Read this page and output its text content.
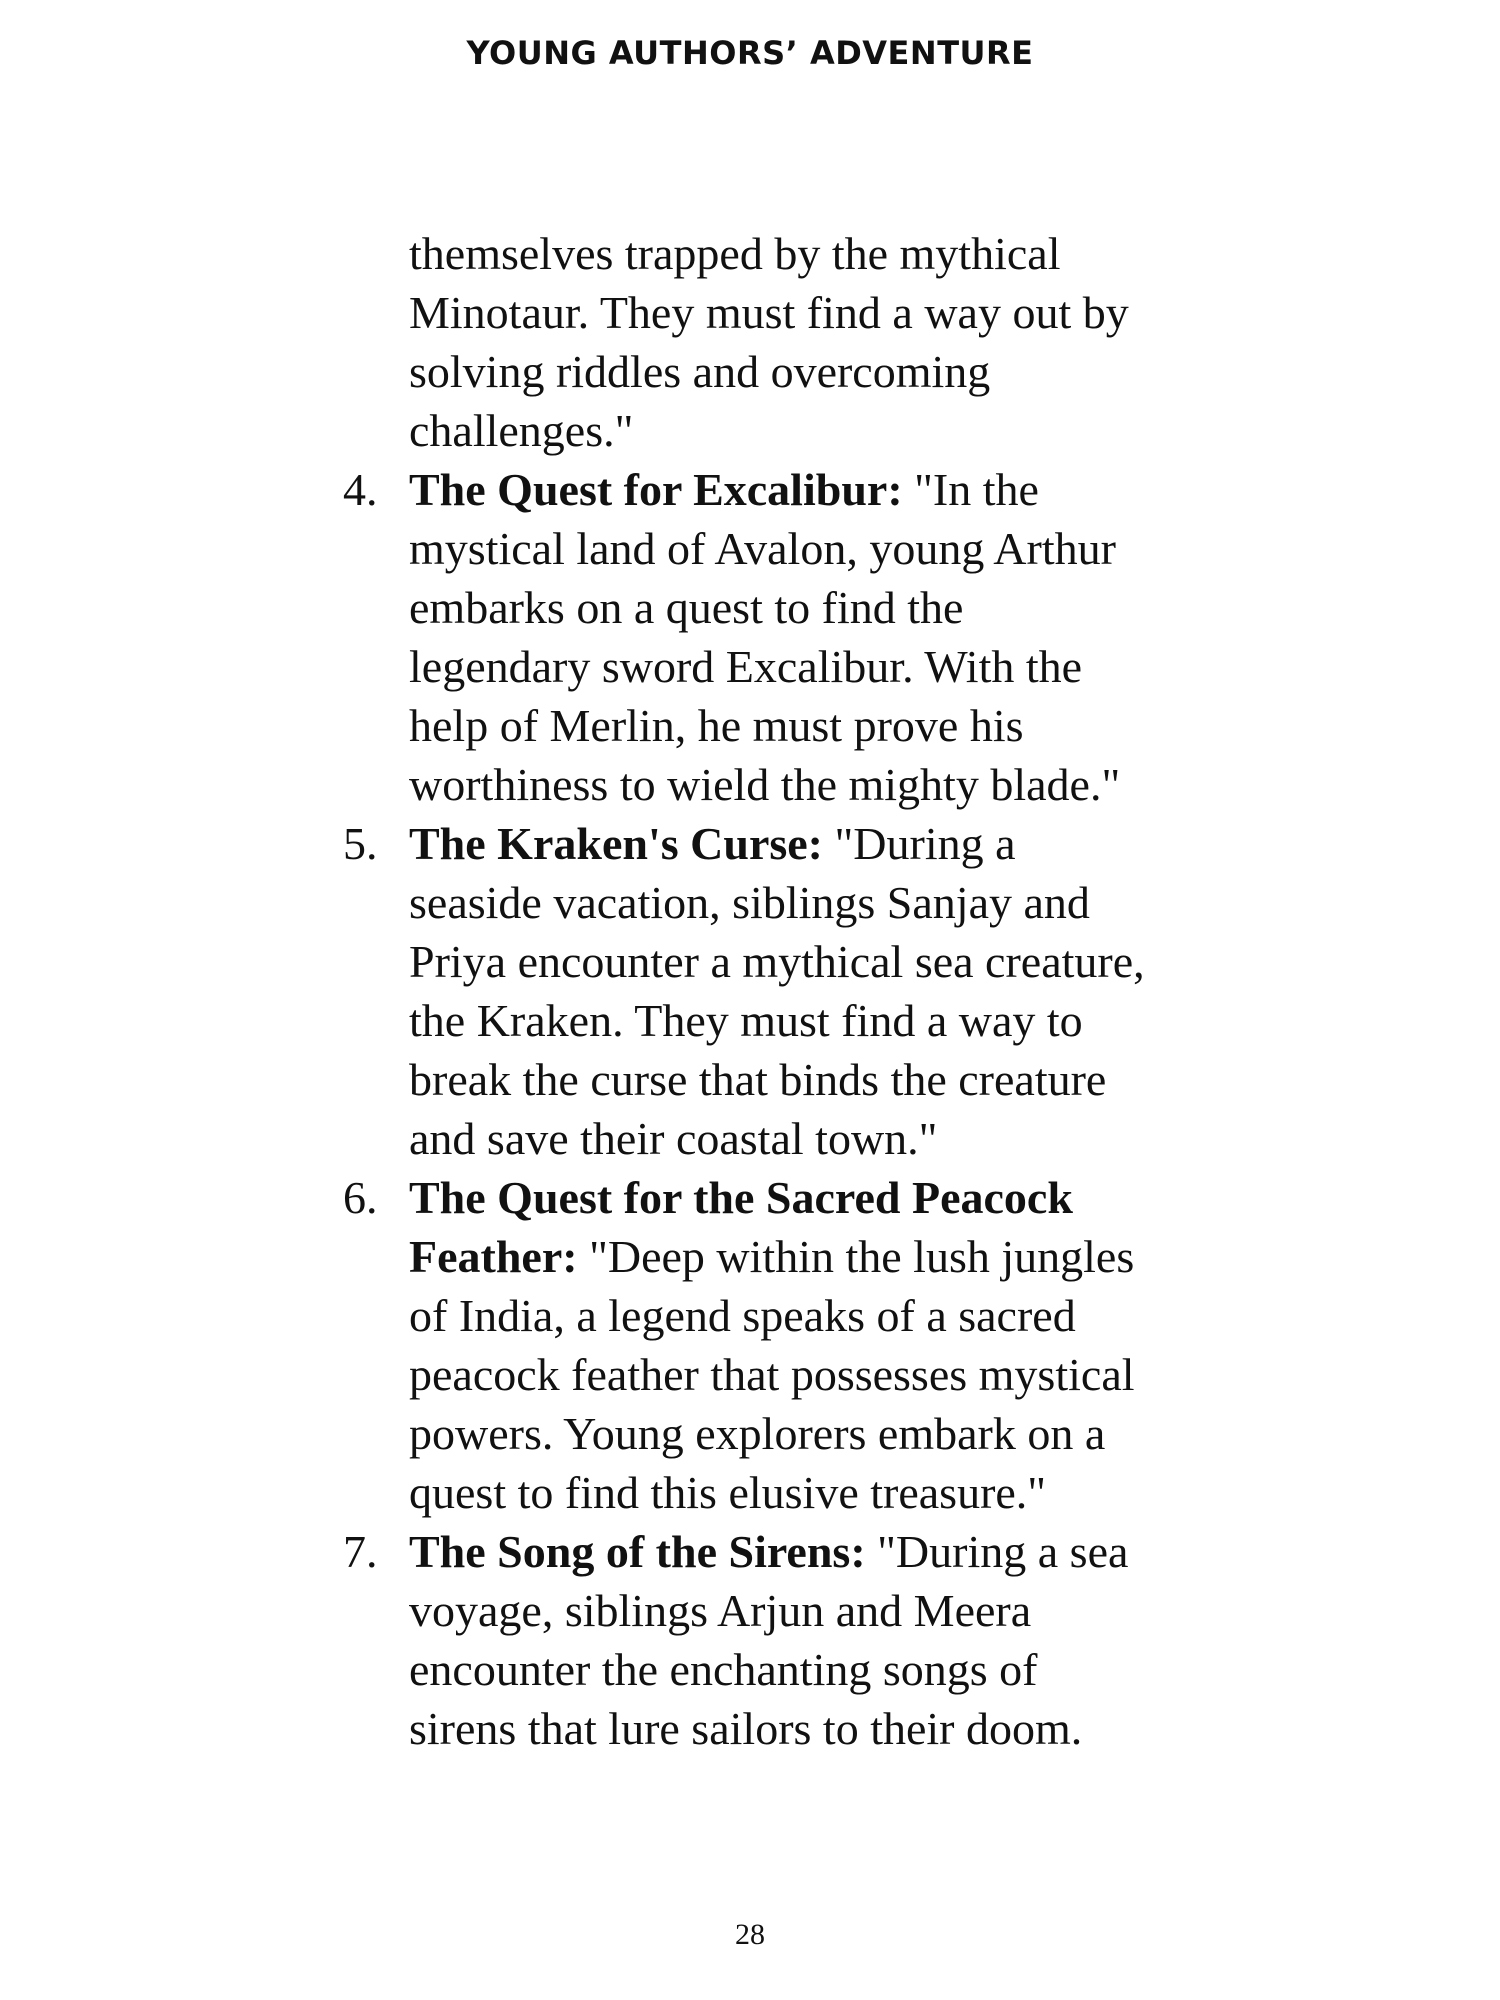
YOUNG AUTHORS’ ADVENTURE
themselves trapped by the mythical
Minotaur. They must find a way out by
solving riddles and overcoming
challenges."
4. The Quest for Excalibur: "In the
mystical land of Avalon, young Arthur
embarks on a quest to find the
legendary sword Excalibur. With the
help of Merlin, he must prove his
worthiness to wield the mighty blade."
5. The Kraken's Curse: "During a
seaside vacation, siblings Sanjay and
Priya encounter a mythical sea creature,
the Kraken. They must find a way to
break the curse that binds the creature
and save their coastal town."
6. The Quest for the Sacred Peacock
Feather: "Deep within the lush jungles
of India, a legend speaks of a sacred
peacock feather that possesses mystical
powers. Young explorers embark on a
quest to find this elusive treasure."
7. The Song of the Sirens: "During a sea
voyage, siblings Arjun and Meera
encounter the enchanting songs of
sirens that lure sailors to their doom.
28
